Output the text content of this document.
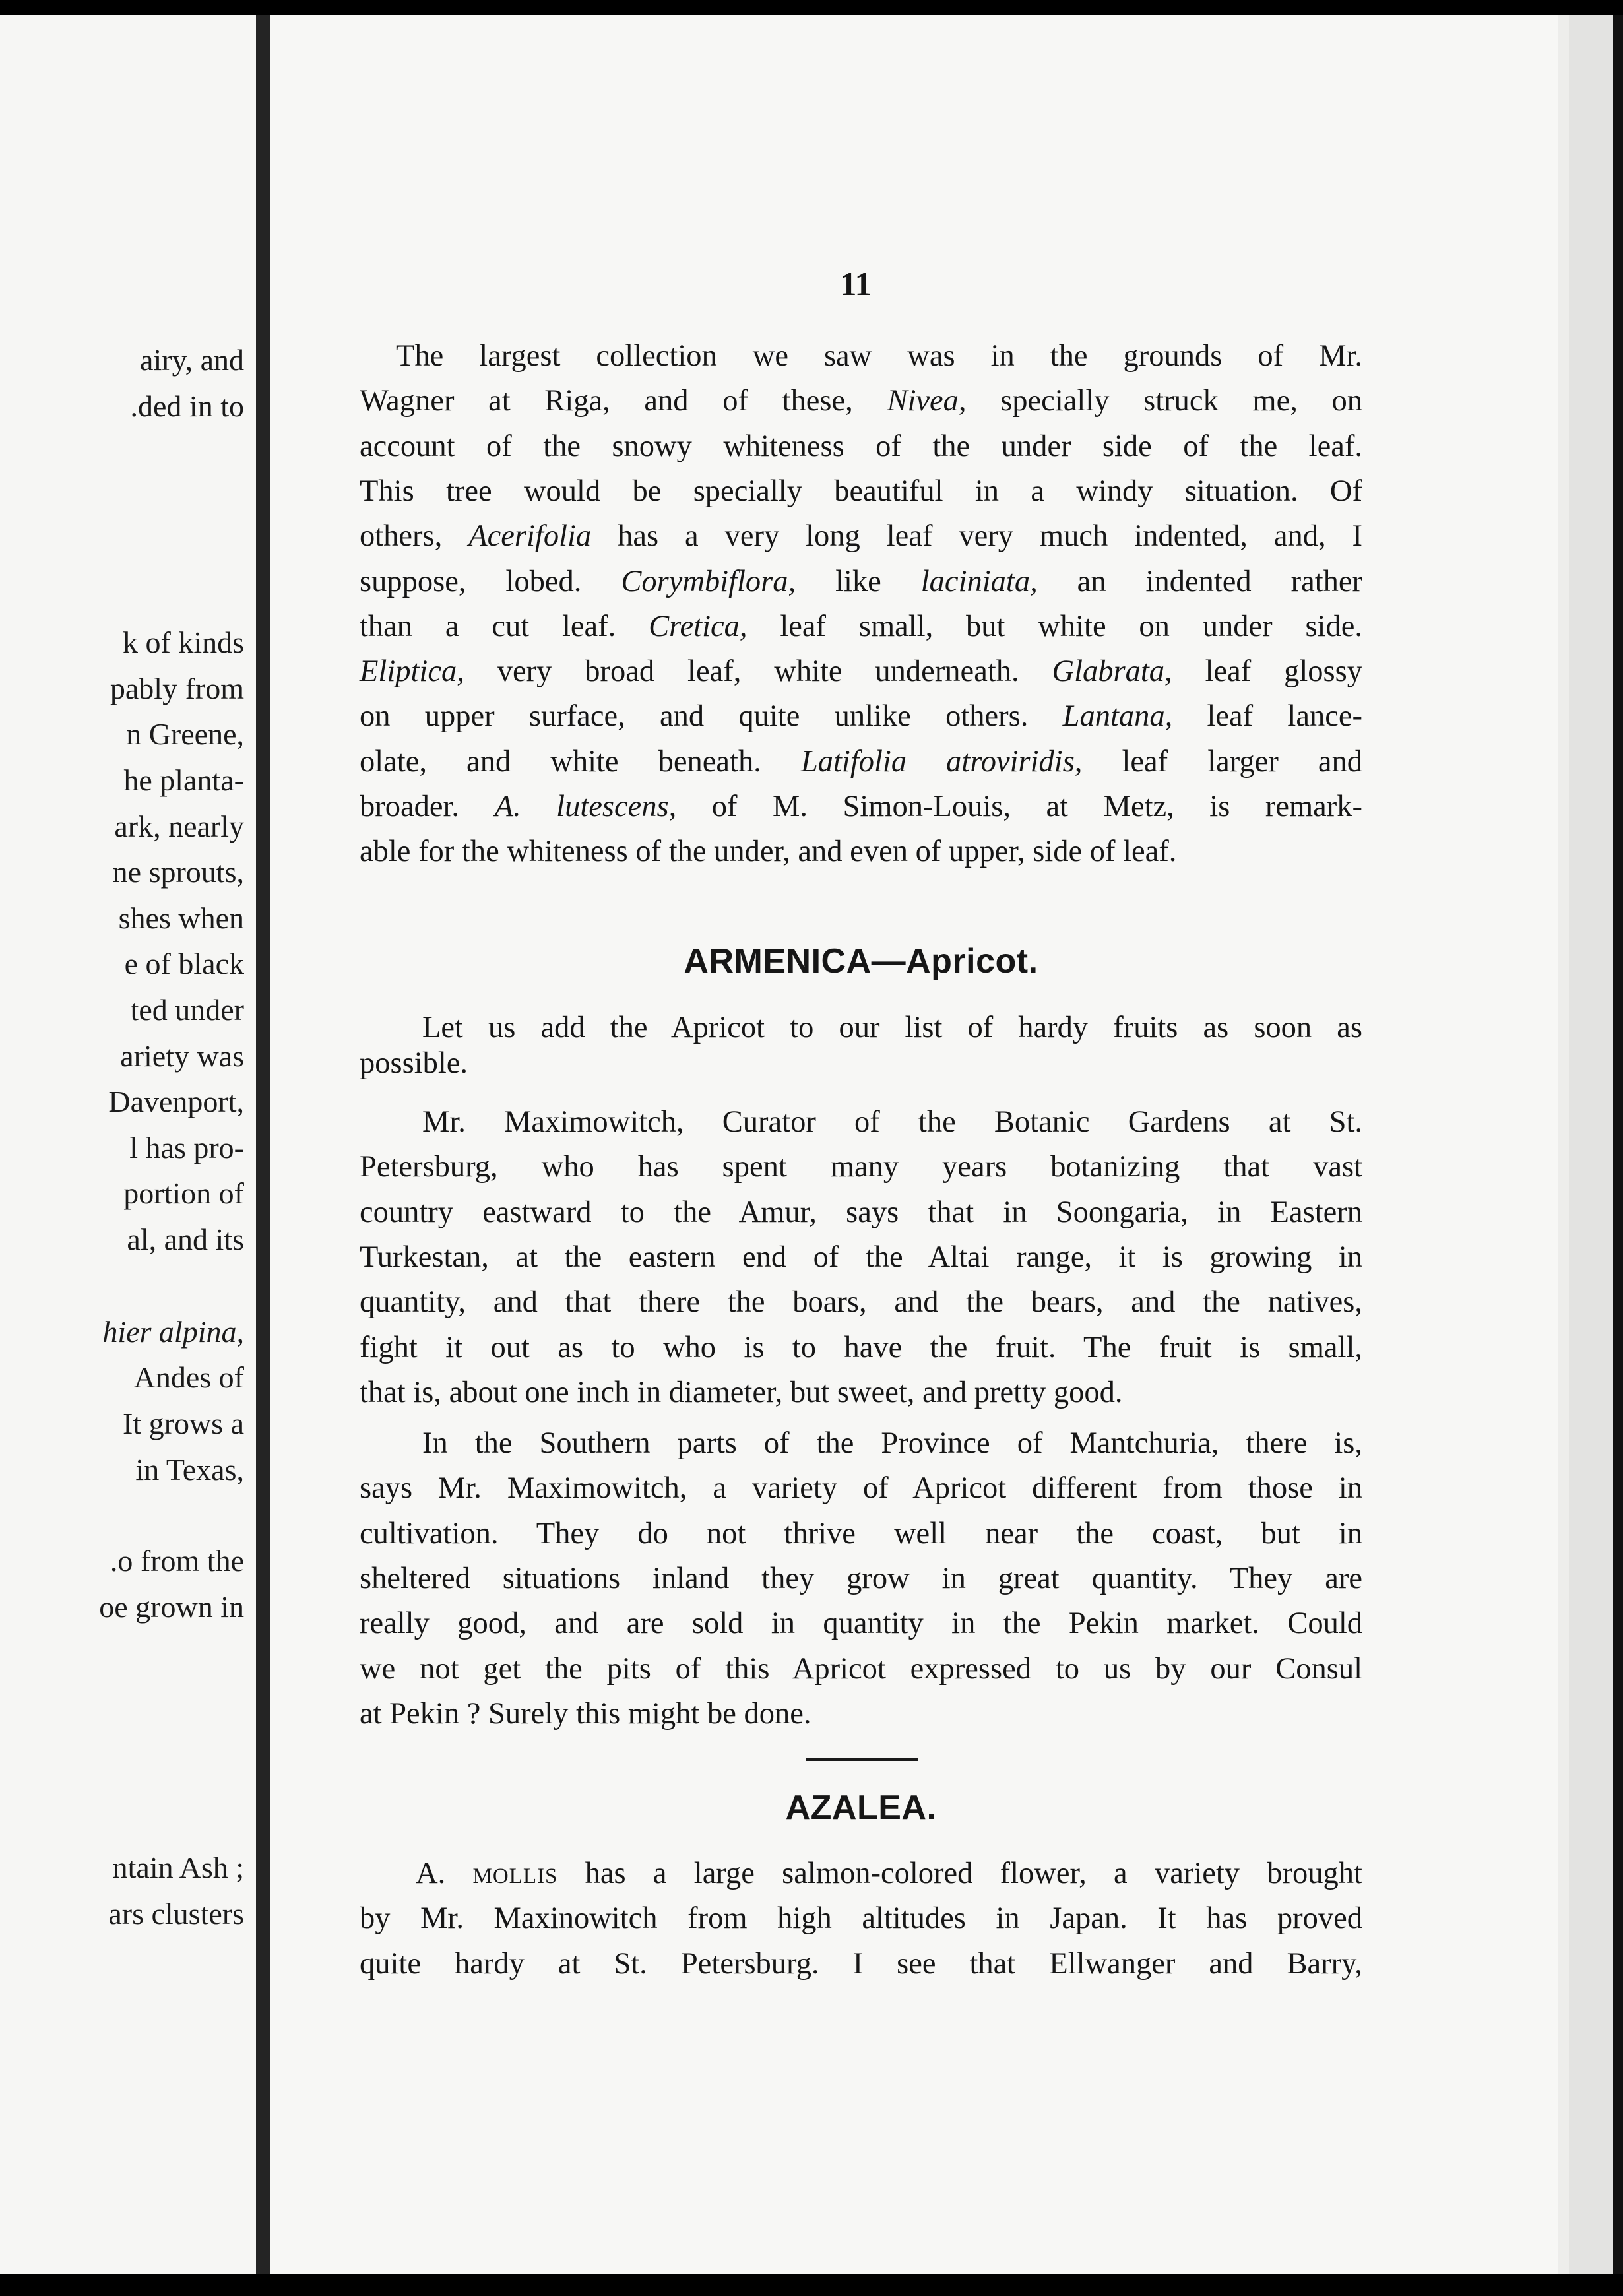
airy, and
.ded in to
k of kinds
pably from
n Greene,
he planta-
ark, nearly
ne sprouts,
shes when
e of black
ted under
ariety was
Davenport,
l has pro-
portion of
al, and its
hier alpina,
Andes of
It grows a
in Texas,
.o from the
oe grown in
ntain Ash ;
ars clusters
11
The largest collection we saw was in the grounds of Mr.
Wagner at Riga, and of these, Nivea, specially struck me, on
account of the snowy whiteness of the under side of the leaf.
This tree would be specially beautiful in a windy situation. Of
others, Acerifolia has a very long leaf very much indented, and, I
suppose, lobed. Corymbiflora, like laciniata, an indented rather
than a cut leaf. Cretica, leaf small, but white on under side.
Eliptica, very broad leaf, white underneath. Glabrata, leaf glossy
on upper surface, and quite unlike others. Lantana, leaf lance-
olate, and white beneath. Latifolia atroviridis, leaf larger and
broader. A. lutescens, of M. Simon-Louis, at Metz, is remark-
able for the whiteness of the under, and even of upper, side of leaf.
ARMENICA—Apricot.
Let us add the Apricot to our list of hardy fruits as soon as
possible.
Mr. Maximowitch, Curator of the Botanic Gardens at St.
Petersburg, who has spent many years botanizing that vast
country eastward to the Amur, says that in Soongaria, in Eastern
Turkestan, at the eastern end of the Altai range, it is growing in
quantity, and that there the boars, and the bears, and the natives,
fight it out as to who is to have the fruit. The fruit is small,
that is, about one inch in diameter, but sweet, and pretty good.
In the Southern parts of the Province of Mantchuria, there is,
says Mr. Maximowitch, a variety of Apricot different from those in
cultivation. They do not thrive well near the coast, but in
sheltered situations inland they grow in great quantity. They are
really good, and are sold in quantity in the Pekin market. Could
we not get the pits of this Apricot expressed to us by our Consul
at Pekin ? Surely this might be done.
AZALEA.
A. mollis has a large salmon-colored flower, a variety brought
by Mr. Maxinowitch from high altitudes in Japan. It has proved
quite hardy at St. Petersburg. I see that Ellwanger and Barry,
